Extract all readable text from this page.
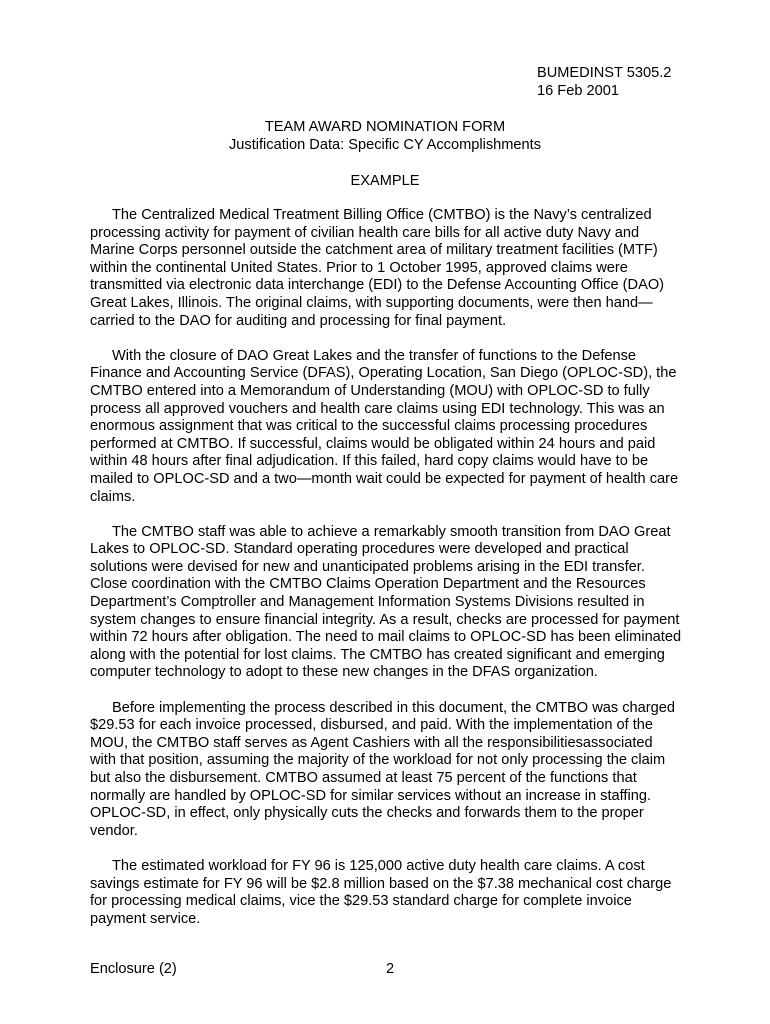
BUMEDINST 5305.2
16 Feb 2001
TEAM AWARD NOMINATION FORM
Justification Data: Specific CY Accomplishments
EXAMPLE

The Centralized Medical Treatment Billing Office (CMTBO) is the Navy’s centralized processing activity for payment of civilian health care bills for all active duty Navy and Marine Corps personnel outside the catchment area of military treatment facilities (MTF) within the continental United States. Prior to 1 October 1995, approved claims were transmitted via electronic data interchange (EDI) to the Defense Accounting Office (DAO) Great Lakes, Illinois. The original claims, with supporting documents, were then hand—carried to the DAO for auditing and processing for final payment.

With the closure of DAO Great Lakes and the transfer of functions to the Defense Finance and Accounting Service (DFAS), Operating Location, San Diego (OPLOC-SD), the CMTBO entered into a Memorandum of Understanding (MOU) with OPLOC-SD to fully process all approved vouchers and health care claims using EDI technology. This was an enormous assignment that was critical to the successful claims processing procedures performed at CMTBO. If successful, claims would be obligated within 24 hours and paid within 48 hours after final adjudication. If this failed, hard copy claims would have to be mailed to OPLOC-SD and a two—month wait could be expected for payment of health care claims.

The CMTBO staff was able to achieve a remarkably smooth transition from DAO Great Lakes to OPLOC-SD. Standard operating procedures were developed and practical solutions were devised for new and unanticipated problems arising in the EDI transfer. Close coordination with the CMTBO Claims Operation Department and the Resources Department’s Comptroller and Management Information Systems Divisions resulted in system changes to ensure financial integrity. As a result, checks are processed for payment within 72 hours after obligation. The need to mail claims to OPLOC-SD has been eliminated along with the potential for lost claims. The CMTBO has created significant and emerging computer technology to adopt to these new changes in the DFAS organization.

Before implementing the process described in this document, the CMTBO was charged $29.53 for each invoice processed, disbursed, and paid. With the implementation of the MOU, the CMTBO staff serves as Agent Cashiers with all the responsibilitiesassociated with that position, assuming the majority of the workload for not only processing the claim but also the disbursement. CMTBO assumed at least 75 percent of the functions that normally are handled by OPLOC-SD for similar services without an increase in staffing. OPLOC-SD, in effect, only physically cuts the checks and forwards them to the proper vendor.

The estimated workload for FY 96 is 125,000 active duty health care claims. A cost savings estimate for FY 96 will be $2.8 million based on the $7.38 mechanical cost charge for processing medical claims, vice the $29.53 standard charge for complete invoice payment service.

Enclosure (2)	2
